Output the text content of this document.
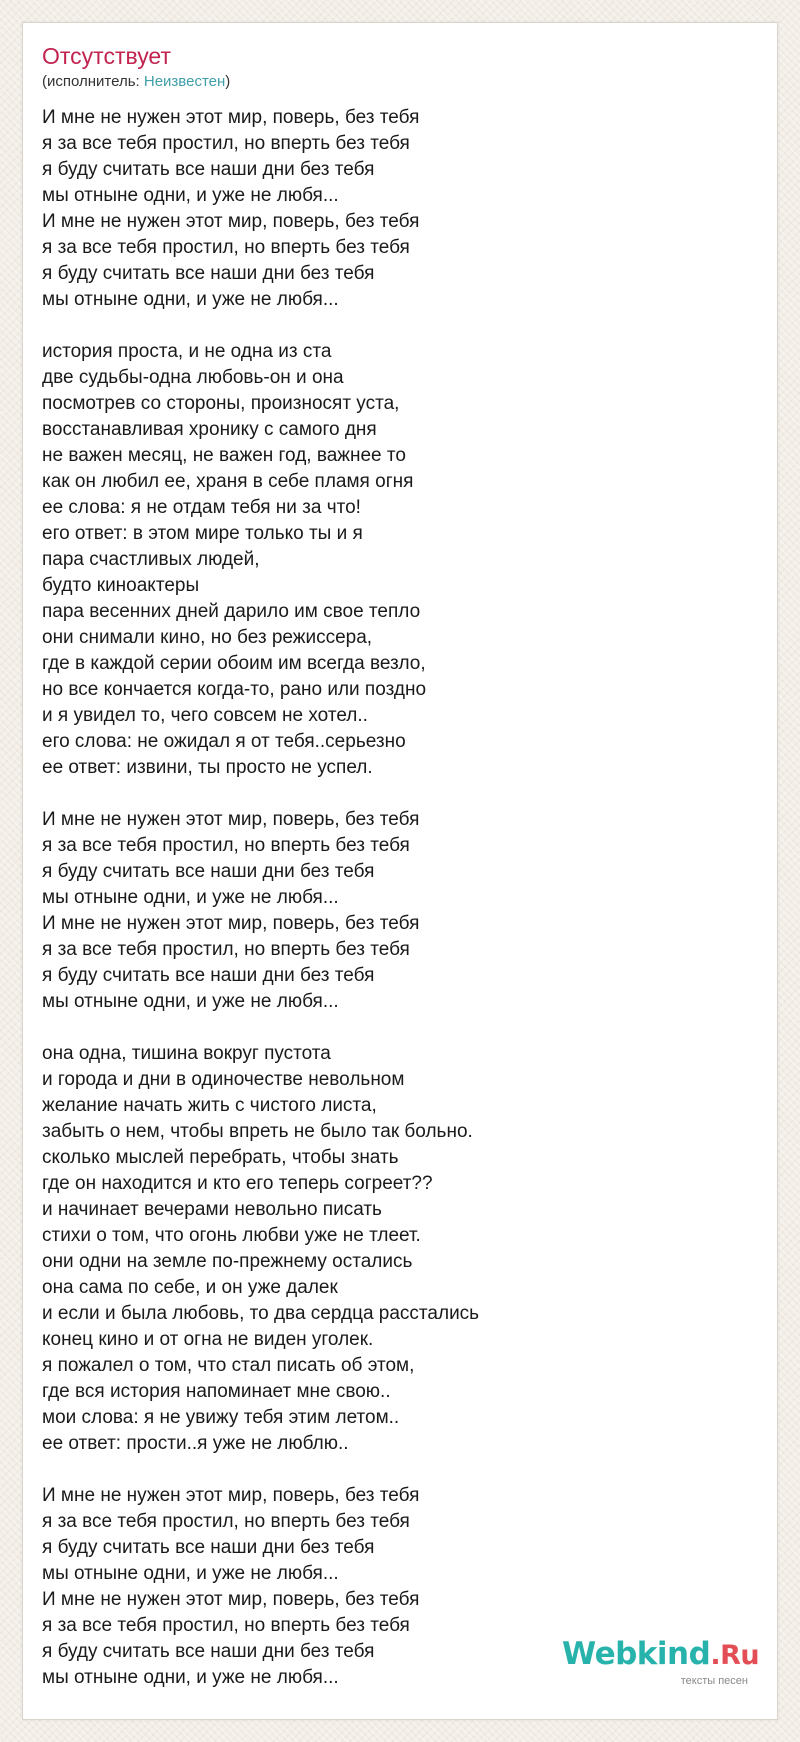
Отсутствует
(исполнитель: Неизвестен)
И мне не нужен этот мир, поверь, без тебя
я за все тебя простил, но вперть без тебя
я буду считать все наши дни без тебя
мы отныне одни, и уже не любя...
И мне не нужен этот мир, поверь, без тебя
я за все тебя простил, но вперть без тебя
я буду считать все наши дни без тебя
мы отныне одни, и уже не любя...
история проста, и не одна из ста
две судьбы-одна любовь-он и она
посмотрев со стороны, произносят уста,
восстанавливая хронику с самого дня
не важен месяц, не важен год, важнее то
как он любил ее, храня в себе пламя огня
ее слова: я не отдам тебя ни за что!
его ответ: в этом мире только ты и я
пара счастливых людей,
будто киноактеры
пара весенних дней дарило им свое тепло
они снимали кино, но без режиссера,
где в каждой серии обоим им всегда везло,
но все кончается когда-то, рано или поздно
и я увидел то, чего совсем не хотел..
его слова: не ожидал я от тебя..серьезно
ее ответ: извини, ты просто не успел.
И мне не нужен этот мир, поверь, без тебя
я за все тебя простил, но вперть без тебя
я буду считать все наши дни без тебя
мы отныне одни, и уже не любя...
И мне не нужен этот мир, поверь, без тебя
я за все тебя простил, но вперть без тебя
я буду считать все наши дни без тебя
мы отныне одни, и уже не любя...
она одна, тишина вокруг пустота
и города и дни в одиночестве невольном
желание начать жить с чистого листа,
забыть о нем, чтобы впреть не было так больно.
сколько мыслей перебрать, чтобы знать
где он находится и кто его теперь согреет??
и начинает вечерами невольно писать
стихи о том, что огонь любви уже не тлеет.
они одни на земле по-прежнему остались
она сама по себе, и он уже далек
и если и была любовь, то два сердца расстались
конец кино и от огна не виден уголек.
я пожалел о том, что стал писать об этом,
где вся история напоминает мне свою..
мои слова: я не увижу тебя этим летом..
ее ответ: прости..я уже не люблю..
И мне не нужен этот мир, поверь, без тебя
я за все тебя простил, но вперть без тебя
я буду считать все наши дни без тебя
мы отныне одни, и уже не любя...
И мне не нужен этот мир, поверь, без тебя
я за все тебя простил, но вперть без тебя
я буду считать все наши дни без тебя
мы отныне одни, и уже не любя...
Webkind.Ru
тексты песен
